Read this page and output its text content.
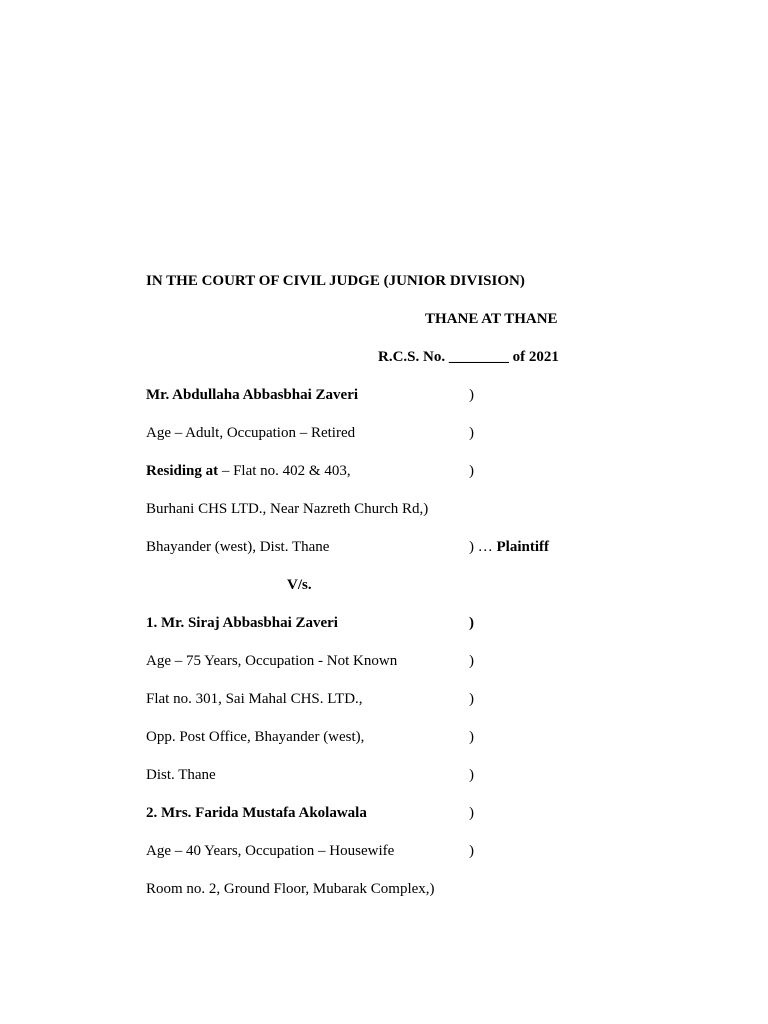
IN THE COURT OF CIVIL JUDGE (JUNIOR DIVISION)
THANE AT THANE
R.C.S. No. ________ of 2021
Mr. Abdullaha Abbasbhai Zaveri	)
Age – Adult, Occupation – Retired	)
Residing at – Flat no. 402 & 403,	)
Burhani CHS LTD., Near Nazreth Church Rd,)
Bhayander (west), Dist. Thane	) … Plaintiff
V/s.
1. Mr. Siraj Abbasbhai Zaveri	)
Age – 75 Years, Occupation - Not Known	)
Flat no. 301, Sai Mahal CHS. LTD.,	)
Opp. Post Office, Bhayander (west),	)
Dist. Thane	)
2. Mrs. Farida Mustafa Akolawala	)
Age – 40 Years, Occupation – Housewife	)
Room no. 2, Ground Floor, Mubarak Complex,)
